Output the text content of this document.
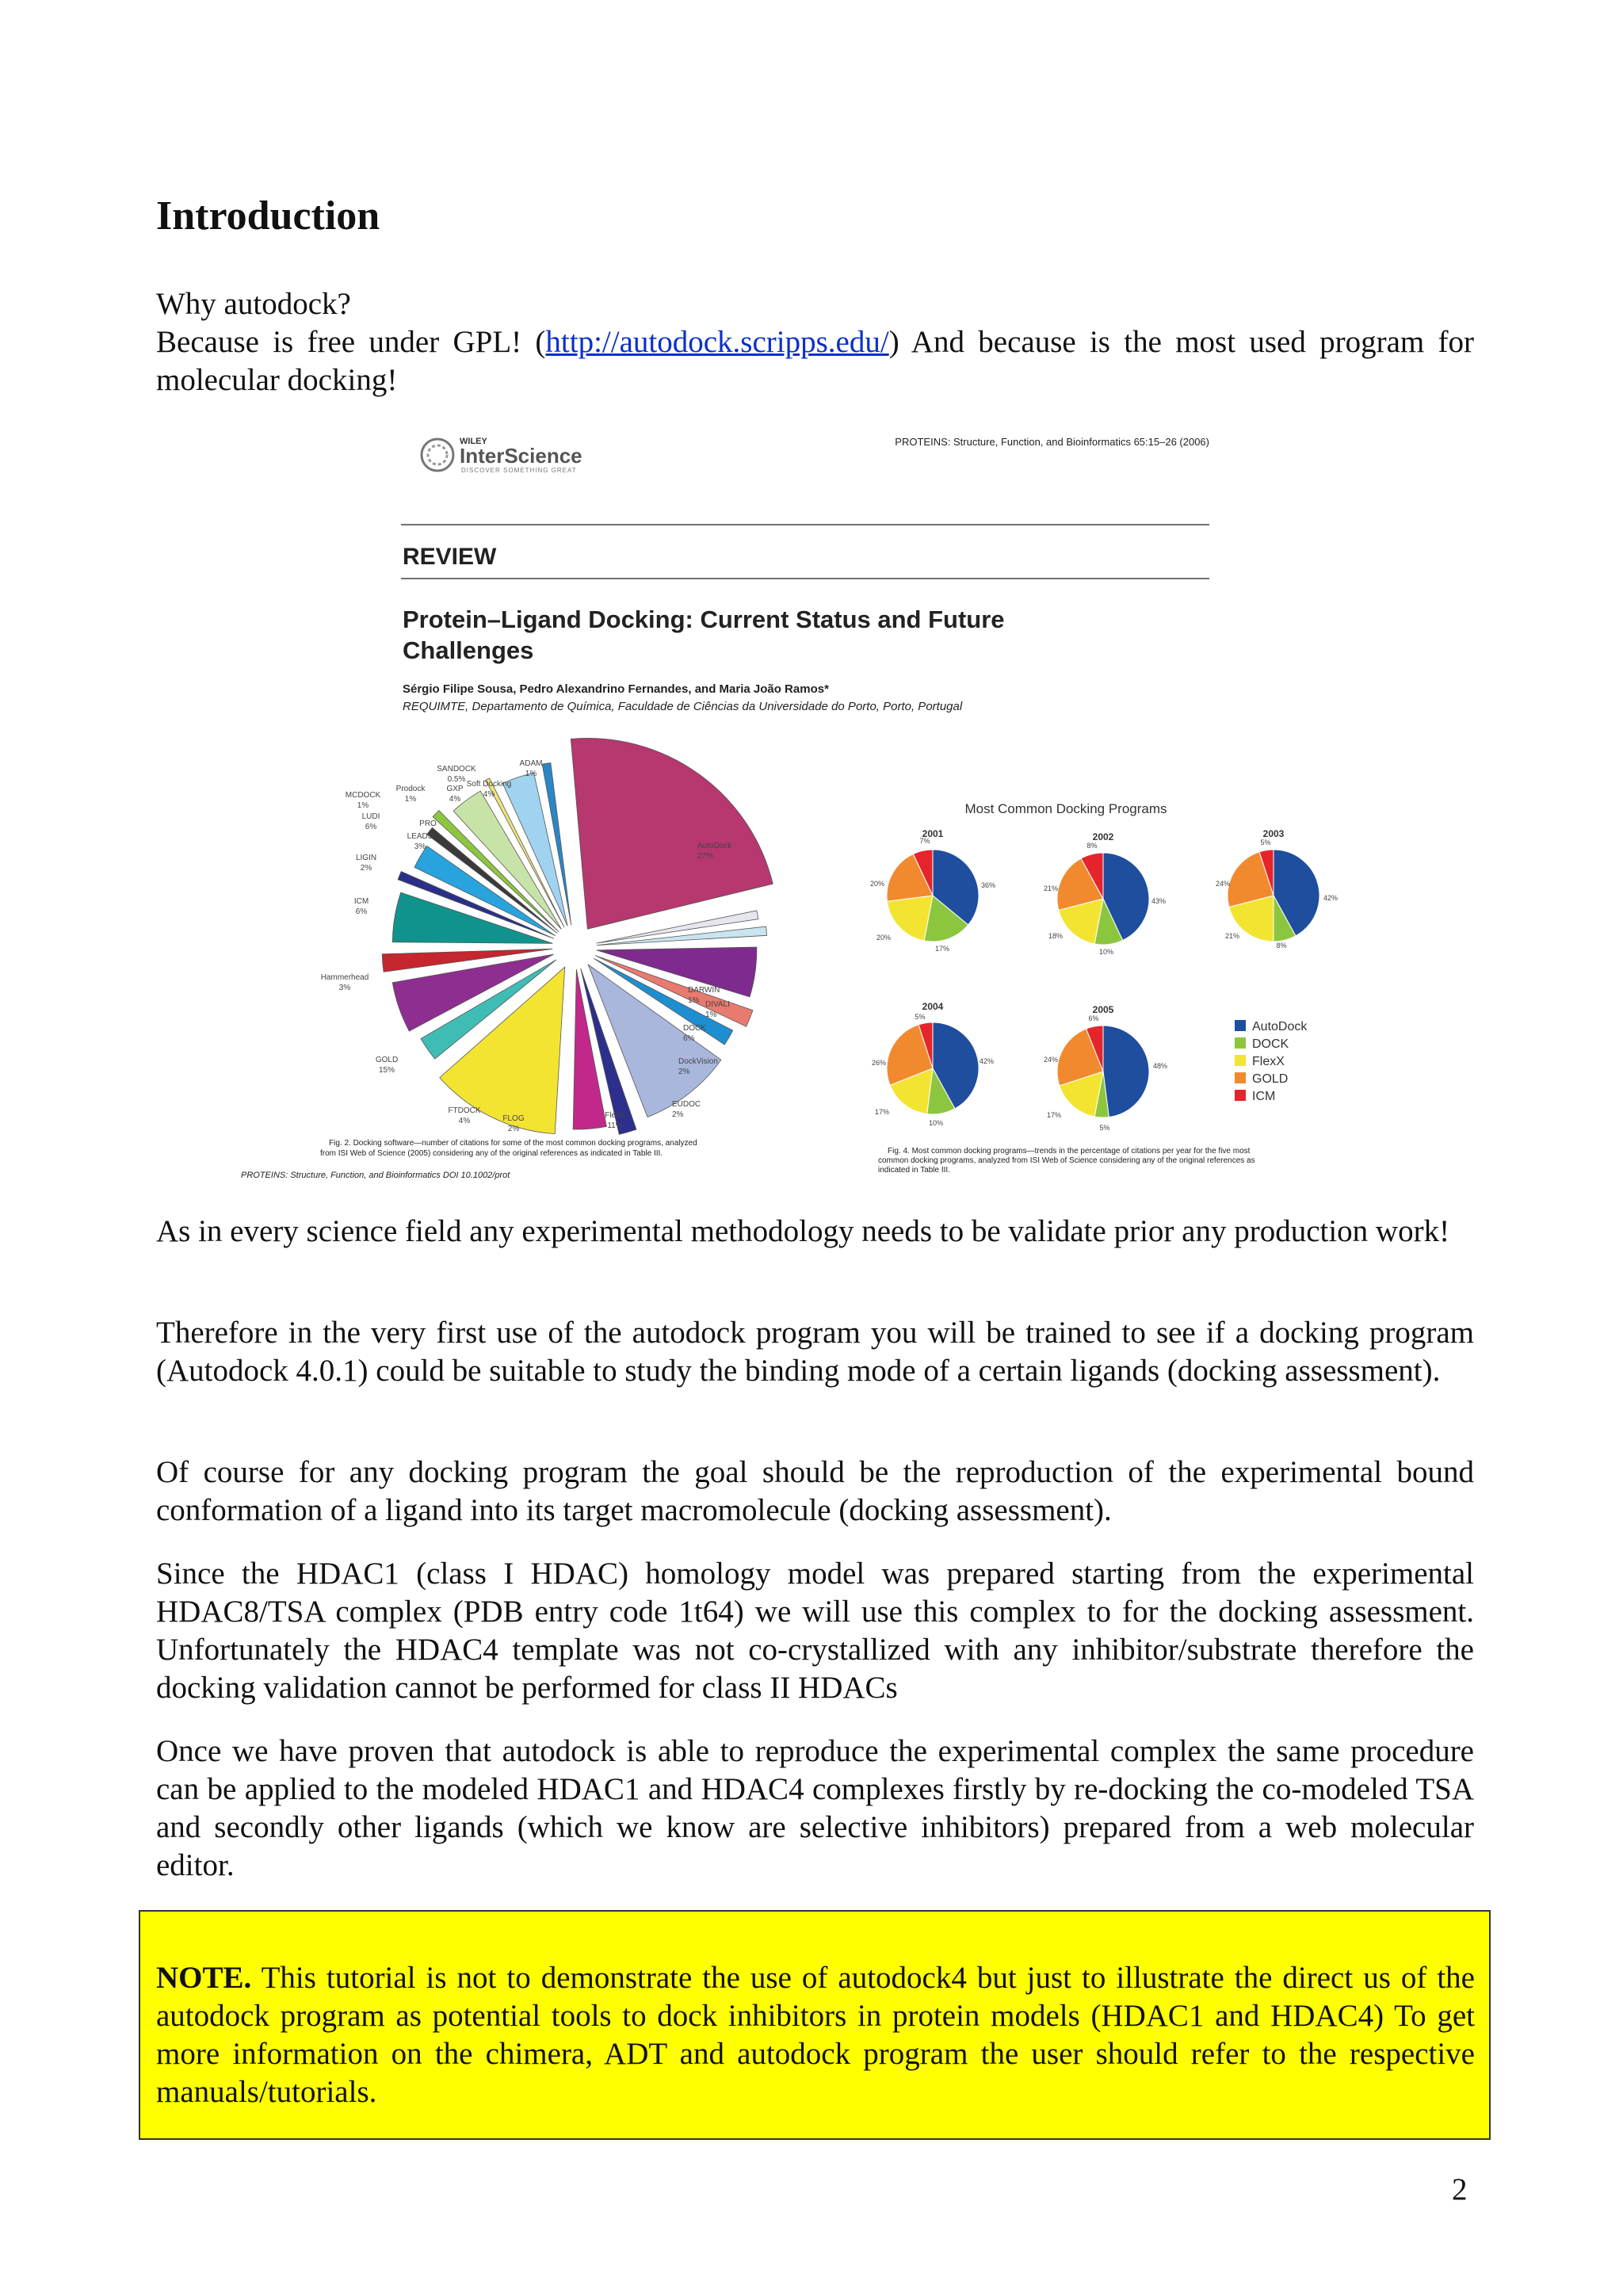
Introduction

Why autodock?
Because is free under GPL! (http://autodock.scripps.edu/) And because is the most used program for molecular docking!

WILEY
InterScience
DISCOVER SOMETHING GREAT
PROTEINS: Structure, Function, and Bioinformatics 65:15–26 (2006)
REVIEW
Protein–Ligand Docking: Current Status and Future
Challenges
Sérgio Filipe Sousa, Pedro Alexandrino Fernandes, and Maria João Ramos*
REQUIMTE, Departamento de Química, Faculdade de Ciências da Universidade do Porto, Porto, Portugal
AutoDock
27%
DARWIN
1% DIVALI
1%
DOCK
6%
DockVision
2%
EUDOC
2%
FlexX
11%
FLOG
2%
FTDOCK
4%
GOLD
15%
Hammerhead
3%
ICM
6%
LIGIN
2%
LUDI
6%
LEADS
3%
PRO
MCDOCK
1%
Prodock
1%
GXP
4%
SANDOCK
0.5%
Soft Docking
4%
ADAM
1%
Fig. 2. Docking software—number of citations for some of the most common docking programs, analyzed
from ISI Web of Science (2005) considering any of the original references as indicated in Table III.
PROTEINS: Structure, Function, and Bioinformatics DOI 10.1002/prot
Most Common Docking Programs
2001
36%
17%
20%
20%
7%	2002
43%
10%
18%
21%
8%
2003
42%
8%
21%
24%
5%
2004
42%
10%
17%
26%
5%
2005
48%
5%
17%
24%
6%
AutoDock
DOCK
FlexX
GOLD
ICM
Fig. 4. Most common docking programs—trends in the percentage of citations per year for the five most
common docking programs, analyzed from ISI Web of Science considering any of the original references as
indicated in Table III.

As in every science field any experimental methodology needs to be validate prior any production work!

Therefore in the very first use of the autodock program you will be trained to see if a docking program (Autodock 4.0.1) could be suitable to study the binding mode of a certain ligands (docking assessment).

Of course for any docking program the goal should be the reproduction of the experimental bound conformation of a ligand into its target macromolecule (docking assessment).

Since the HDAC1 (class I HDAC) homology model was prepared starting from the experimental HDAC8/TSA complex (PDB entry code 1t64) we will use this complex to for the docking assessment. Unfortunately the HDAC4 template was not co-crystallized with any inhibitor/substrate therefore the docking validation cannot be performed for class II HDACs

Once we have proven that autodock is able to reproduce the experimental complex the same procedure can be applied to the modeled HDAC1 and HDAC4 complexes firstly by re-docking the co-modeled TSA and secondly other ligands (which we know are selective inhibitors) prepared from a web molecular editor.

NOTE. This tutorial is not to demonstrate the use of autodock4 but just to illustrate the direct us of the autodock program as potential tools to dock inhibitors in protein models (HDAC1 and HDAC4) To get more information on the chimera, ADT and autodock program the user should refer to the respective manuals/tutorials.

2
